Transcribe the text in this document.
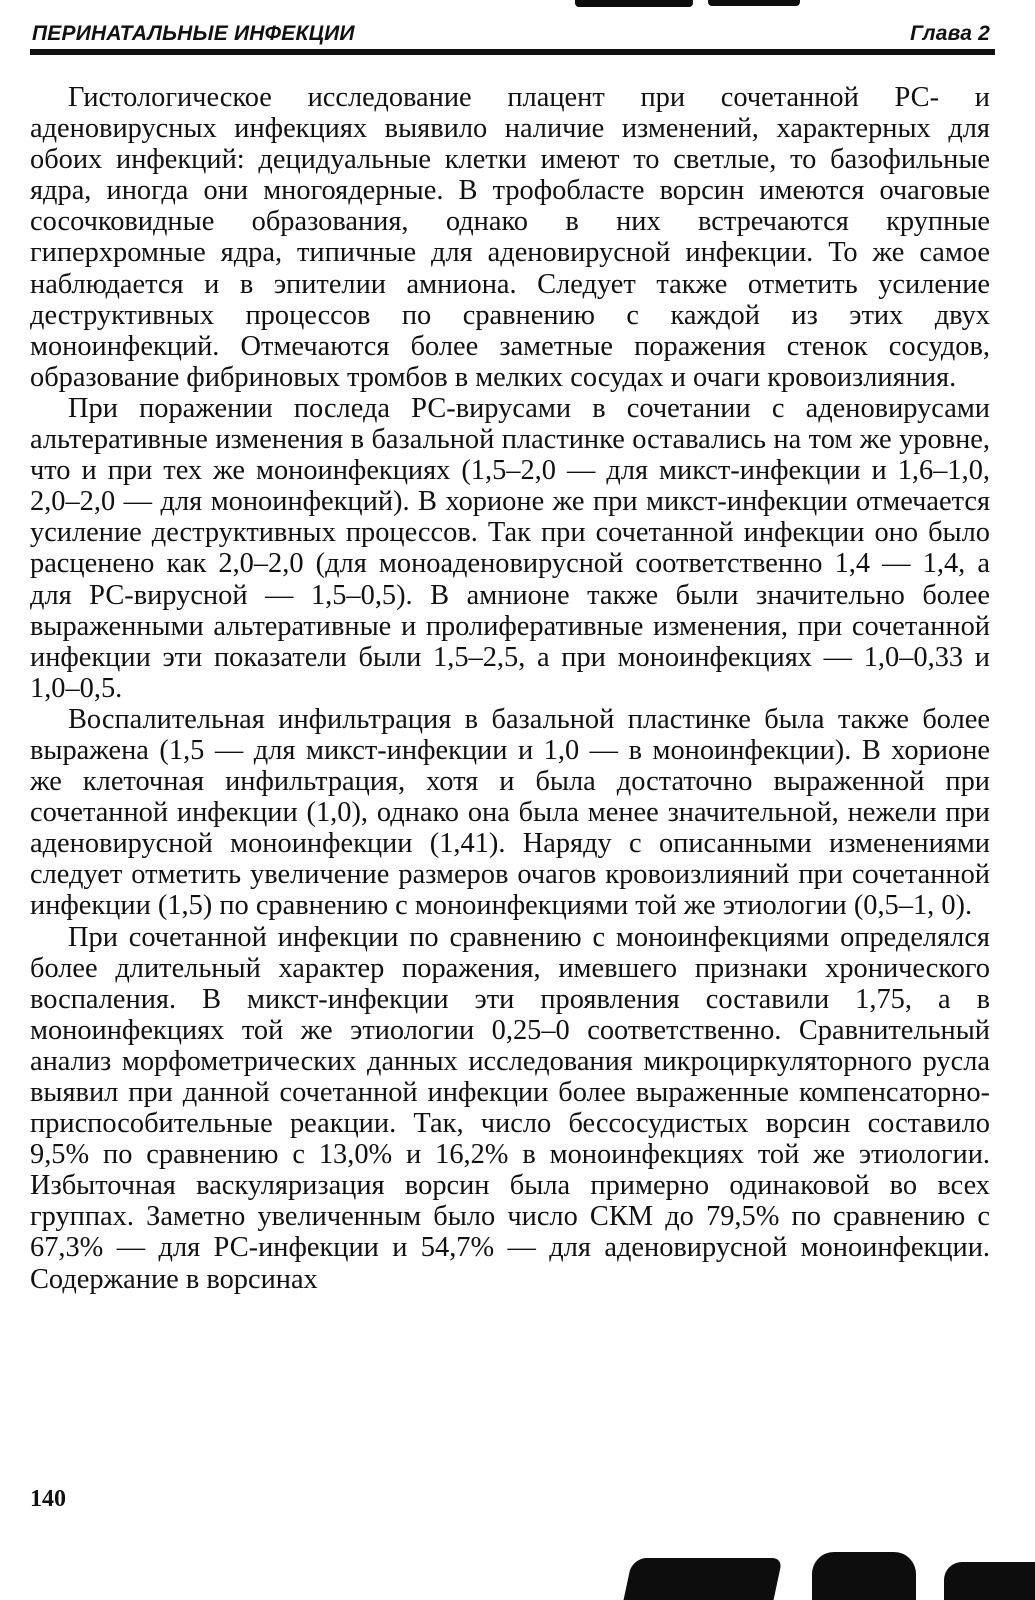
ПЕРИНАТАЛЬНЫЕ ИНФЕКЦИИ	Глава 2

Гистологическое исследование плацент при сочетанной РС- и аденовирусных инфекциях выявило наличие изменений, характерных для обоих инфекций: децидуальные клетки имеют то светлые, то базофильные ядра, иногда они многоядерные. В трофобласте ворсин имеются очаговые сосочковидные образования, однако в них встречаются крупные гиперхромные ядра, типичные для аденовирусной инфекции. То же самое наблюдается и в эпителии амниона. Следует также отметить усиление деструктивных процессов по сравнению с каждой из этих двух моноинфекций. Отмечаются более заметные поражения стенок сосудов, образование фибриновых тромбов в мелких сосудах и очаги кровоизлияния.

При поражении последа РС-вирусами в сочетании с аденовирусами альтеративные изменения в базальной пластинке оставались на том же уровне, что и при тех же моноинфекциях (1,5–2,0 — для микст-инфекции и 1,6–1,0, 2,0–2,0 — для моноинфекций). В хорионе же при микст-инфекции отмечается усиление деструктивных процессов. Так при сочетанной инфекции оно было расценено как 2,0–2,0 (для моноаденовирусной соответственно 1,4 — 1,4, а для РС-вирусной — 1,5–0,5). В амнионе также были значительно более выраженными альтеративные и пролиферативные изменения, при сочетанной инфекции эти показатели были 1,5–2,5, а при моноинфекциях — 1,0–0,33 и 1,0–0,5.

Воспалительная инфильтрация в базальной пластинке была также более выражена (1,5 — для микст-инфекции и 1,0 — в моноинфекции). В хорионе же клеточная инфильтрация, хотя и была достаточно выраженной при сочетанной инфекции (1,0), однако она была менее значительной, нежели при аденовирусной моноинфекции (1,41). Наряду с описанными изменениями следует отметить увеличение размеров очагов кровоизлияний при сочетанной инфекции (1,5) по сравнению с моноинфекциями той же этиологии (0,5–1, 0).

При сочетанной инфекции по сравнению с моноинфекциями определялся более длительный характер поражения, имевшего признаки хронического воспаления. В микст-инфекции эти проявления составили 1,75, а в моноинфекциях той же этиологии 0,25–0 соответственно. Сравнительный анализ морфометрических данных исследования микроциркуляторного русла выявил при данной сочетанной инфекции более выраженные компенсаторно-приспособительные реакции. Так, число бессосудистых ворсин составило 9,5% по сравнению с 13,0% и 16,2% в моноинфекциях той же этиологии. Избыточная васкуляризация ворсин была примерно одинаковой во всех группах. Заметно увеличенным было число СКМ до 79,5% по сравнению с 67,3% — для РС-инфекции и 54,7% — для аденовирусной моноинфекции. Содержание в ворсинах

140
